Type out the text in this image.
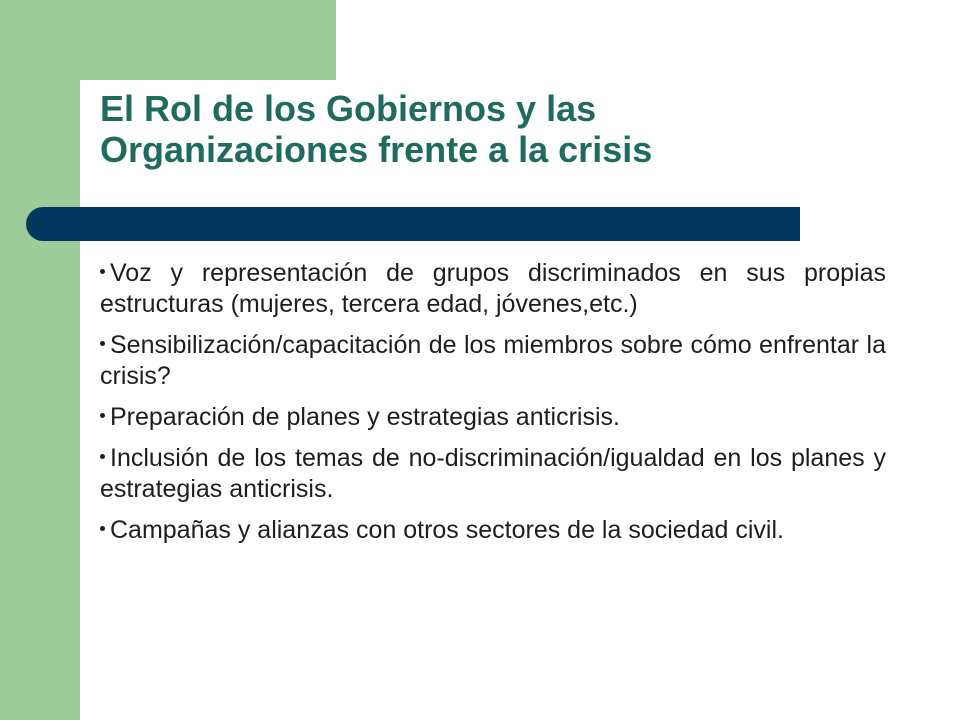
El Rol de los Gobiernos y las
Organizaciones frente a la crisis
Voz y representación de grupos discriminados en sus propias estructuras (mujeres, tercera edad, jóvenes,etc.)
Sensibilización/capacitación de los miembros sobre cómo enfrentar la crisis?
Preparación de planes y estrategias anticrisis.
Inclusión de los temas de no-discriminación/igualdad en los planes y estrategias anticrisis.
Campañas y alianzas con otros sectores de la sociedad civil.
